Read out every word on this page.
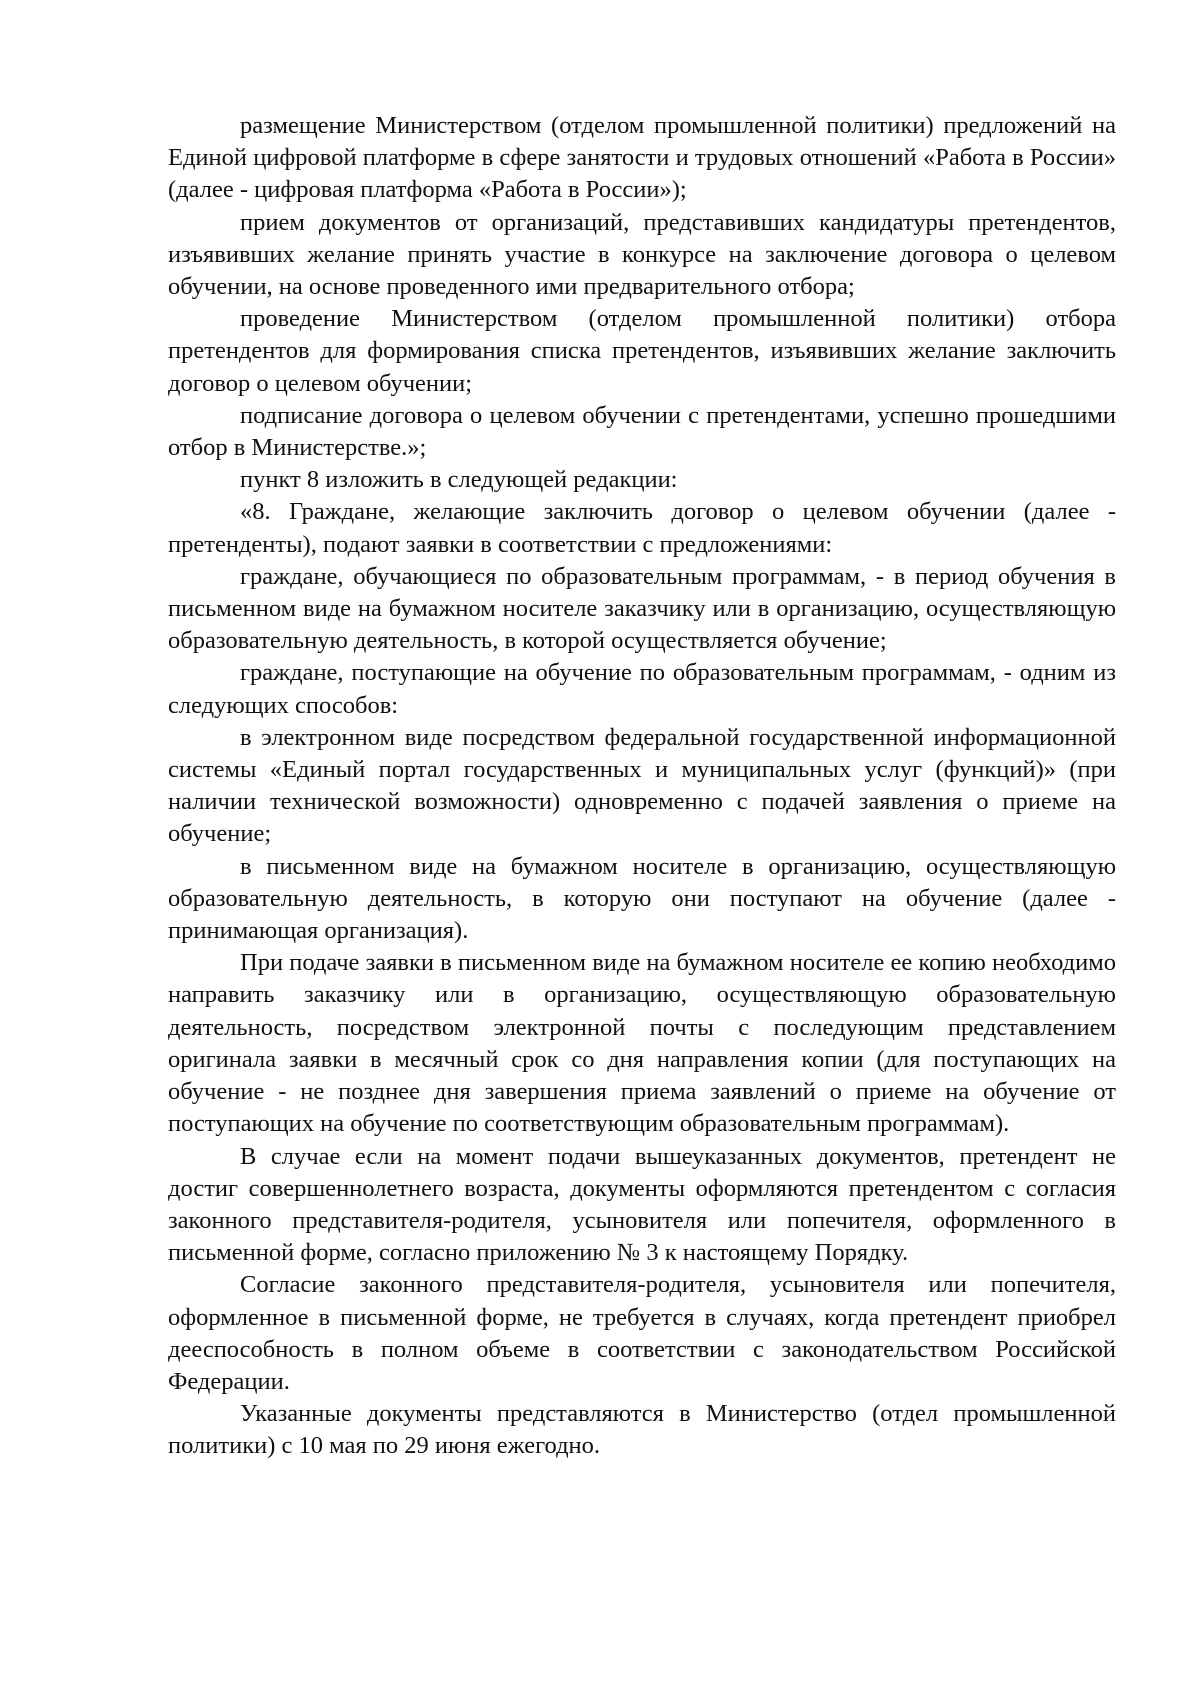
размещение Министерством (отделом промышленной политики) предложений на Единой цифровой платформе в сфере занятости и трудовых отношений «Работа в России» (далее - цифровая платформа «Работа в России»);

прием документов от организаций, представивших кандидатуры претендентов, изъявивших желание принять участие в конкурсе на заключение договора о целевом обучении, на основе проведенного ими предварительного отбора;

проведение Министерством (отделом промышленной политики) отбора претендентов для формирования списка претендентов, изъявивших желание заключить договор о целевом обучении;

подписание договора о целевом обучении с претендентами, успешно прошедшими отбор в Министерстве.»;

пункт 8 изложить в следующей редакции:

«8. Граждане, желающие заключить договор о целевом обучении (далее - претенденты), подают заявки в соответствии с предложениями:

граждане, обучающиеся по образовательным программам, - в период обучения в письменном виде на бумажном носителе заказчику или в организацию, осуществляющую образовательную деятельность, в которой осуществляется обучение;

граждане, поступающие на обучение по образовательным программам, - одним из следующих способов:

в электронном виде посредством федеральной государственной информационной системы «Единый портал государственных и муниципальных услуг (функций)» (при наличии технической возможности) одновременно с подачей заявления о приеме на обучение;

в письменном виде на бумажном носителе в организацию, осуществляющую образовательную деятельность, в которую они поступают на обучение (далее - принимающая организация).

При подаче заявки в письменном виде на бумажном носителе ее копию необходимо направить заказчику или в организацию, осуществляющую образовательную деятельность, посредством электронной почты с последующим представлением оригинала заявки в месячный срок со дня направления копии (для поступающих на обучение - не позднее дня завершения приема заявлений о приеме на обучение от поступающих на обучение по соответствующим образовательным программам).

В случае если на момент подачи вышеуказанных документов, претендент не достиг совершеннолетнего возраста, документы оформляются претендентом с согласия законного представителя-родителя, усыновителя или попечителя, оформленного в письменной форме, согласно приложению № 3 к настоящему Порядку.

Согласие законного представителя-родителя, усыновителя или попечителя, оформленное в письменной форме, не требуется в случаях, когда претендент приобрел дееспособность в полном объеме в соответствии с законодательством Российской Федерации.

Указанные документы представляются в Министерство (отдел промышленной политики) с 10 мая по 29 июня ежегодно.
